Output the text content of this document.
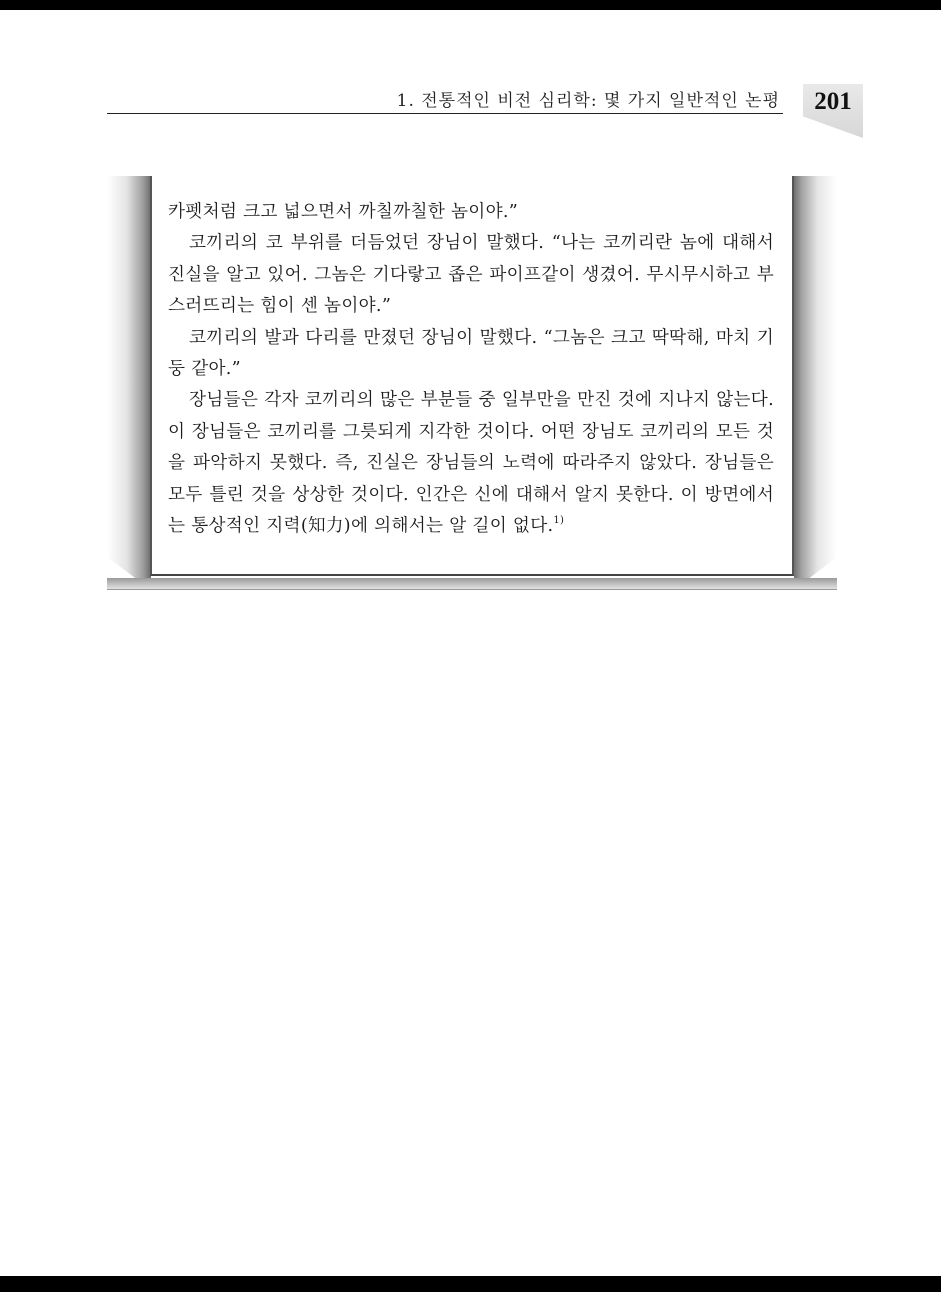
1. 전통적인 비전 심리학: 몇 가지 일반적인 논평	201

카펫처럼 크고 넓으면서 까칠까칠한 놈이야.”

코끼리의 코 부위를 더듬었던 장님이 말했다. “나는 코끼리란 놈에 대해서 진실을 알고 있어. 그놈은 기다랗고 좁은 파이프같이 생겼어. 무시무시하고 부스러뜨리는 힘이 센 놈이야.”

코끼리의 발과 다리를 만졌던 장님이 말했다. “그놈은 크고 딱딱해, 마치 기둥 같아.”

장님들은 각자 코끼리의 많은 부분들 중 일부만을 만진 것에 지나지 않는다. 이 장님들은 코끼리를 그릇되게 지각한 것이다. 어떤 장님도 코끼리의 모든 것을 파악하지 못했다. 즉, 진실은 장님들의 노력에 따라주지 않았다. 장님들은 모두 틀린 것을 상상한 것이다. 인간은 신에 대해서 알지 못한다. 이 방면에서는 통상적인 지력(知力)에 의해서는 알 길이 없다.$^{1)}$
